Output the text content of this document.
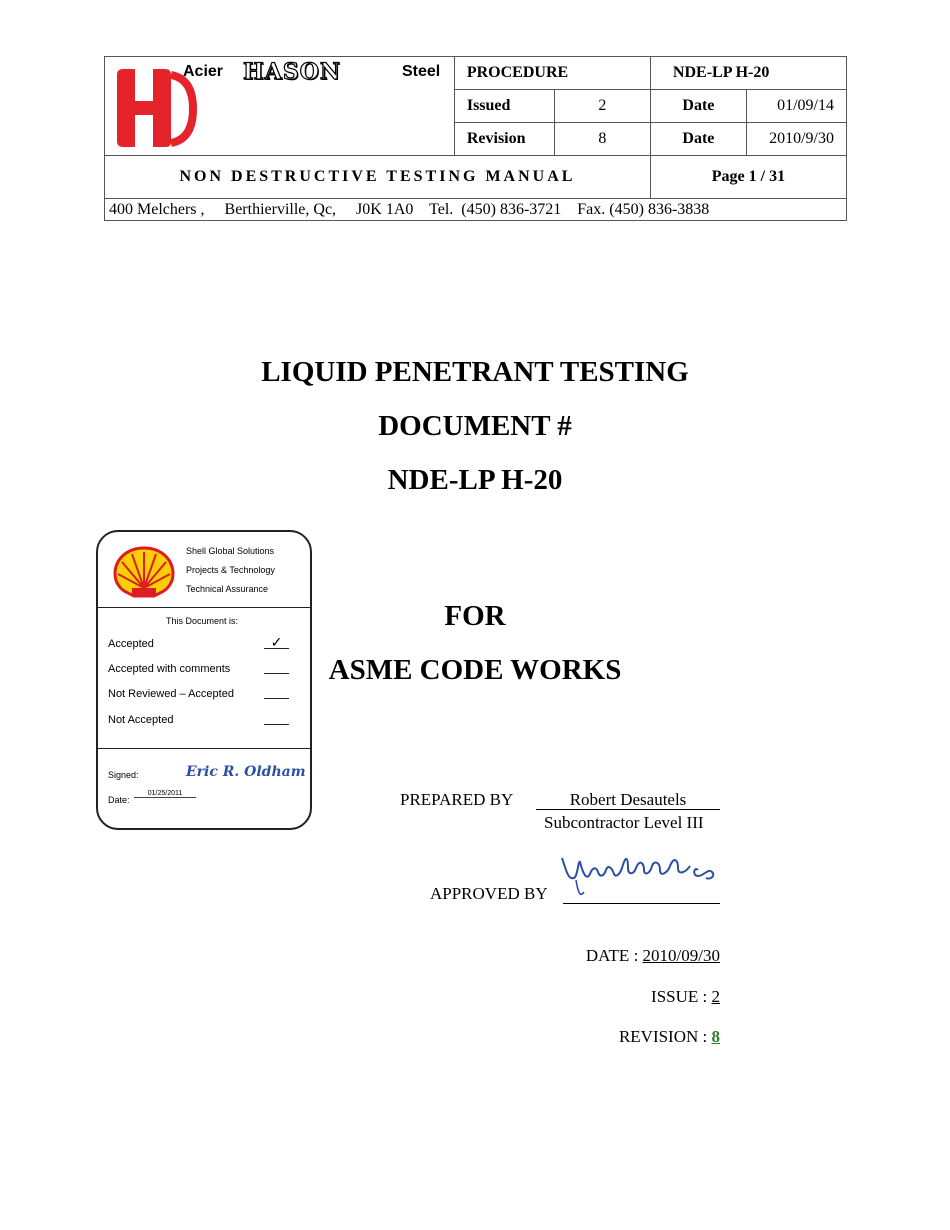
Acier HASON Steel	PROCEDURE		NDE-LP H-20	
	Issued	2	Date	01/09/14
	Revision	8	Date	2010/9/30
NON DESTRUCTIVE TESTING MANUAL			Page 1 / 31	
400 Melchers ,     Berthierville, Qc,     J0K 1A0    Tel.  (450) 836-3721    Fax. (450) 836-3838				
LIQUID PENETRANT TESTING
DOCUMENT #
NDE-LP H-20
FOR
ASME CODE WORKS
Shell Global Solutions
Projects & Technology
Technical Assurance
This Document is:
Accepted	✓
Accepted with comments
Not Reviewed – Accepted
Not Accepted
Signed:	Eric R. Oldham
Date:
01/25/2011	PREPARED BY	Robert Desautels
Subcontractor Level III
APPROVED BY
DATE : 2010/09/30
ISSUE : 2
REVISION : 8
